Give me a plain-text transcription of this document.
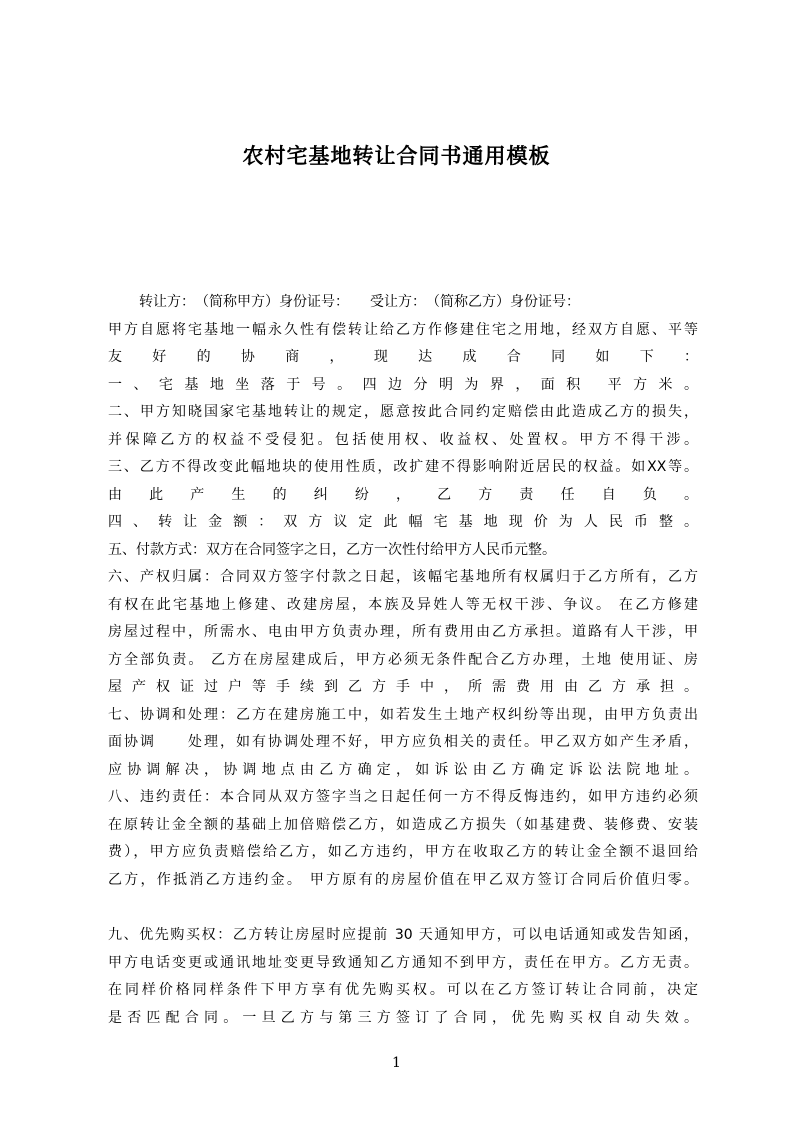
农村宅基地转让合同书通用模板
转让方：　（简称甲方）身份证号：　　受让方：　（简称乙方）身份证号：
甲方自愿将宅基地一幅永久性有偿转让给乙方作修建住宅之用地，经双方自愿、平等
友好的协商，现达成合同如下：
一、宅基地坐落于号。四边分明为界，面积 平方米。
二、甲方知晓国家宅基地转让的规定，愿意按此合同约定赔偿由此造成乙方的损失，
并保障乙方的权益不受侵犯。包括使用权、收益权、处置权。甲方不得干涉。
三、乙方不得改变此幅地块的使用性质，改扩建不得影响附近居民的权益。如XX等。
由此产生的纠纷，乙方责任自负。
四、转让金额：双方议定此幅宅基地现价为人民币整。
五、付款方式：双方在合同签字之日，乙方一次性付给甲方人民币元整。
六、产权归属：合同双方签字付款之日起，该幅宅基地所有权属归于乙方所有，乙方
有权在此宅基地上修建、改建房屋，本族及异姓人等无权干涉、争议。 在乙方修建
房屋过程中，所需水、电由甲方负责办理，所有费用由乙方承担。道路有人干涉，甲
方全部负责。 乙方在房屋建成后，甲方必须无条件配合乙方办理，土地 使用证、房
屋产权证过户等手续到乙方手中，所需费用由乙方承担。
七、协调和处理：乙方在建房施工中，如若发生土地产权纠纷等出现，由甲方负责出
面协调　　处理，如有协调处理不好，甲方应负相关的责任。甲乙双方如产生矛盾，
应协调解决，协调地点由乙方确定，如诉讼由乙方确定诉讼法院地址。
八、违约责任：本合同从双方签字当之日起任何一方不得反悔违约，如甲方违约必须
在原转让金全额的基础上加倍赔偿乙方，如造成乙方损失（如基建费、装修费、安装
费），甲方应负责赔偿给乙方，如乙方违约，甲方在收取乙方的转让金全额不退回给
乙方，作抵消乙方违约金。 甲方原有的房屋价值在甲乙双方签订合同后价值归零。
九、优先购买权：乙方转让房屋时应提前 30 天通知甲方，可以电话通知或发告知函，
甲方电话变更或通讯地址变更导致通知乙方通知不到甲方，责任在甲方。乙方无责。
在同样价格同样条件下甲方享有优先购买权。可以在乙方签订转让合同前，决定
是否匹配合同。一旦乙方与第三方签订了合同，优先购买权自动失效。
1
